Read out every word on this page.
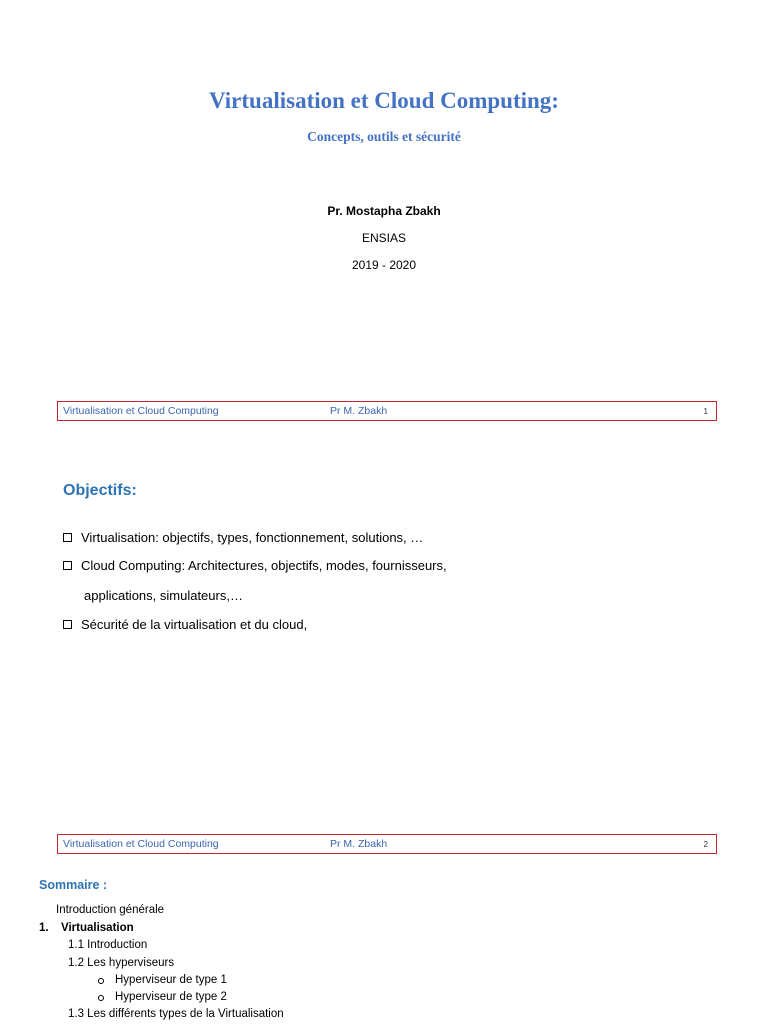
Virtualisation et Cloud Computing:
Concepts, outils et sécurité
Pr. Mostapha Zbakh
ENSIAS
2019 - 2020
Virtualisation et Cloud Computing	Pr M. Zbakh	1
Objectifs:
Virtualisation: objectifs, types, fonctionnement, solutions, …
Cloud Computing: Architectures, objectifs, modes, fournisseurs,
applications, simulateurs,…
Sécurité de la virtualisation et du cloud,
Virtualisation et Cloud Computing	Pr M. Zbakh	2
Sommaire :
Introduction générale
1. Virtualisation
1.1 Introduction
1.2 Les hyperviseurs
Hyperviseur de type 1
Hyperviseur de type 2
1.3 Les différents types de la Virtualisation
